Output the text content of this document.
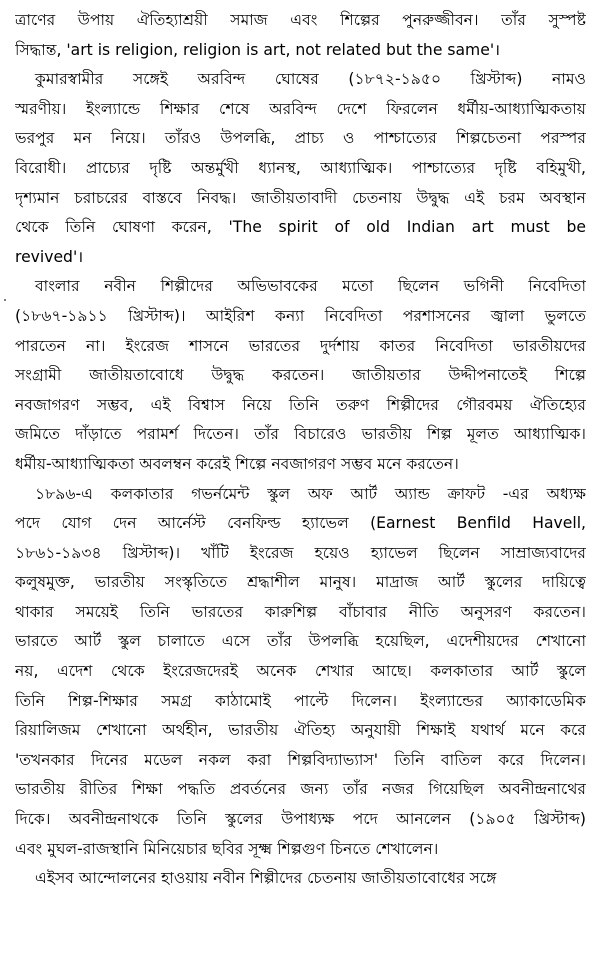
ত্রাণের উপায় ঐতিহ্যাশ্রয়ী সমাজ এবং শিল্পের পুনরুজ্জীবন। তাঁর সুস্পষ্ট
সিদ্ধান্ত, 'art is religion, religion is art, not related but the same'।
কুমারস্বামীর সঙ্গেই অরবিন্দ ঘোষের (১৮৭২-১৯৫০ খ্রিস্টাব্দ) নামও
স্মরণীয়। ইংল্যান্ডে শিক্ষার শেষে অরবিন্দ দেশে ফিরলেন ধর্মীয়-আধ্যাত্মিকতায়
ভরপুর মন নিয়ে। তাঁরও উপলব্ধি, প্রাচ্য ও পাশ্চাত্যের শিল্পচেতনা পরস্পর
বিরোধী। প্রাচ্যের দৃষ্টি অন্তর্মুখী ধ্যানস্থ, আধ্যাত্মিক। পাশ্চাত্যের দৃষ্টি বহিমুখী,
দৃশ্যমান চরাচরের বাস্তবে নিবদ্ধ। জাতীয়তাবাদী চেতনায় উদ্বুদ্ধ এই চরম অবস্থান
থেকে তিনি ঘোষণা করেন, 'The spirit of old Indian art must be
revived'।
বাংলার নবীন শিল্পীদের অভিভাবকের মতো ছিলেন ভগিনী নিবেদিতা
(১৮৬৭-১৯১১ খ্রিস্টাব্দ)। আইরিশ কন্যা নিবেদিতা পরশাসনের জ্বালা ভুলতে
পারতেন না। ইংরেজ শাসনে ভারতের দুর্দশায় কাতর নিবেদিতা ভারতীয়দের
সংগ্রামী জাতীয়তাবোধে উদ্বুদ্ধ করতেন। জাতীয়তার উদ্দীপনাতেই শিল্পে
নবজাগরণ সম্ভব, এই বিশ্বাস নিয়ে তিনি তরুণ শিল্পীদের গৌরবময় ঐতিহ্যের
জমিতে দাঁড়াতে পরামর্শ দিতেন। তাঁর বিচারেও ভারতীয় শিল্প মূলত আধ্যাত্মিক।
ধর্মীয়-আধ্যাত্মিকতা অবলম্বন করেই শিল্পে নবজাগরণ সম্ভব মনে করতেন।
১৮৯৬-এ কলকাতার গভর্নমেন্ট স্কুল অফ আর্ট অ্যান্ড ক্রাফট -এর অধ্যক্ষ
পদে যোগ দেন আর্নেস্ট বেনফিল্ড হ্যাভেল (Earnest Benfild Havell,
১৮৬১-১৯৩৪ খ্রিস্টাব্দ)। খাঁটি ইংরেজ হয়েও হ্যাভেল ছিলেন সাম্রাজ্যবাদের
কলুষমুক্ত, ভারতীয় সংস্কৃতিতে শ্রদ্ধাশীল মানুষ। মাদ্রাজ আর্ট স্কুলের দায়িত্বে
থাকার সময়েই তিনি ভারতের কারুশিল্প বাঁচাবার নীতি অনুসরণ করতেন।
ভারতে আর্ট স্কুল চালাতে এসে তাঁর উপলব্ধি হয়েছিল, এদেশীয়দের শেখানো
নয়, এদেশ থেকে ইংরেজদেরই অনেক শেখার আছে। কলকাতার আর্ট স্কুলে
তিনি শিল্প-শিক্ষার সমগ্র কাঠামোই পাল্টে দিলেন। ইংল্যান্ডের অ্যাকাডেমিক
রিয়ালিজম শেখানো অর্থহীন, ভারতীয় ঐতিহ্য অনুযায়ী শিক্ষাই যথার্থ মনে করে
'তখনকার দিনের মডেল নকল করা শিল্পবিদ্যাভ্যাস' তিনি বাতিল করে দিলেন।
ভারতীয় রীতির শিক্ষা পদ্ধতি প্রবর্তনের জন্য তাঁর নজর গিয়েছিল অবনীন্দ্রনাথের
দিকে। অবনীন্দ্রনাথকে তিনি স্কুলের উপাধ্যক্ষ পদে আনলেন (১৯০৫ খ্রিস্টাব্দ)
এবং মুঘল-রাজস্থানি মিনিয়েচার ছবির সূক্ষ্ম শিল্পগুণ চিনতে শেখালেন।
এইসব আন্দোলনের হাওয়ায় নবীন শিল্পীদের চেতনায় জাতীয়তাবোধের সঙ্গে
